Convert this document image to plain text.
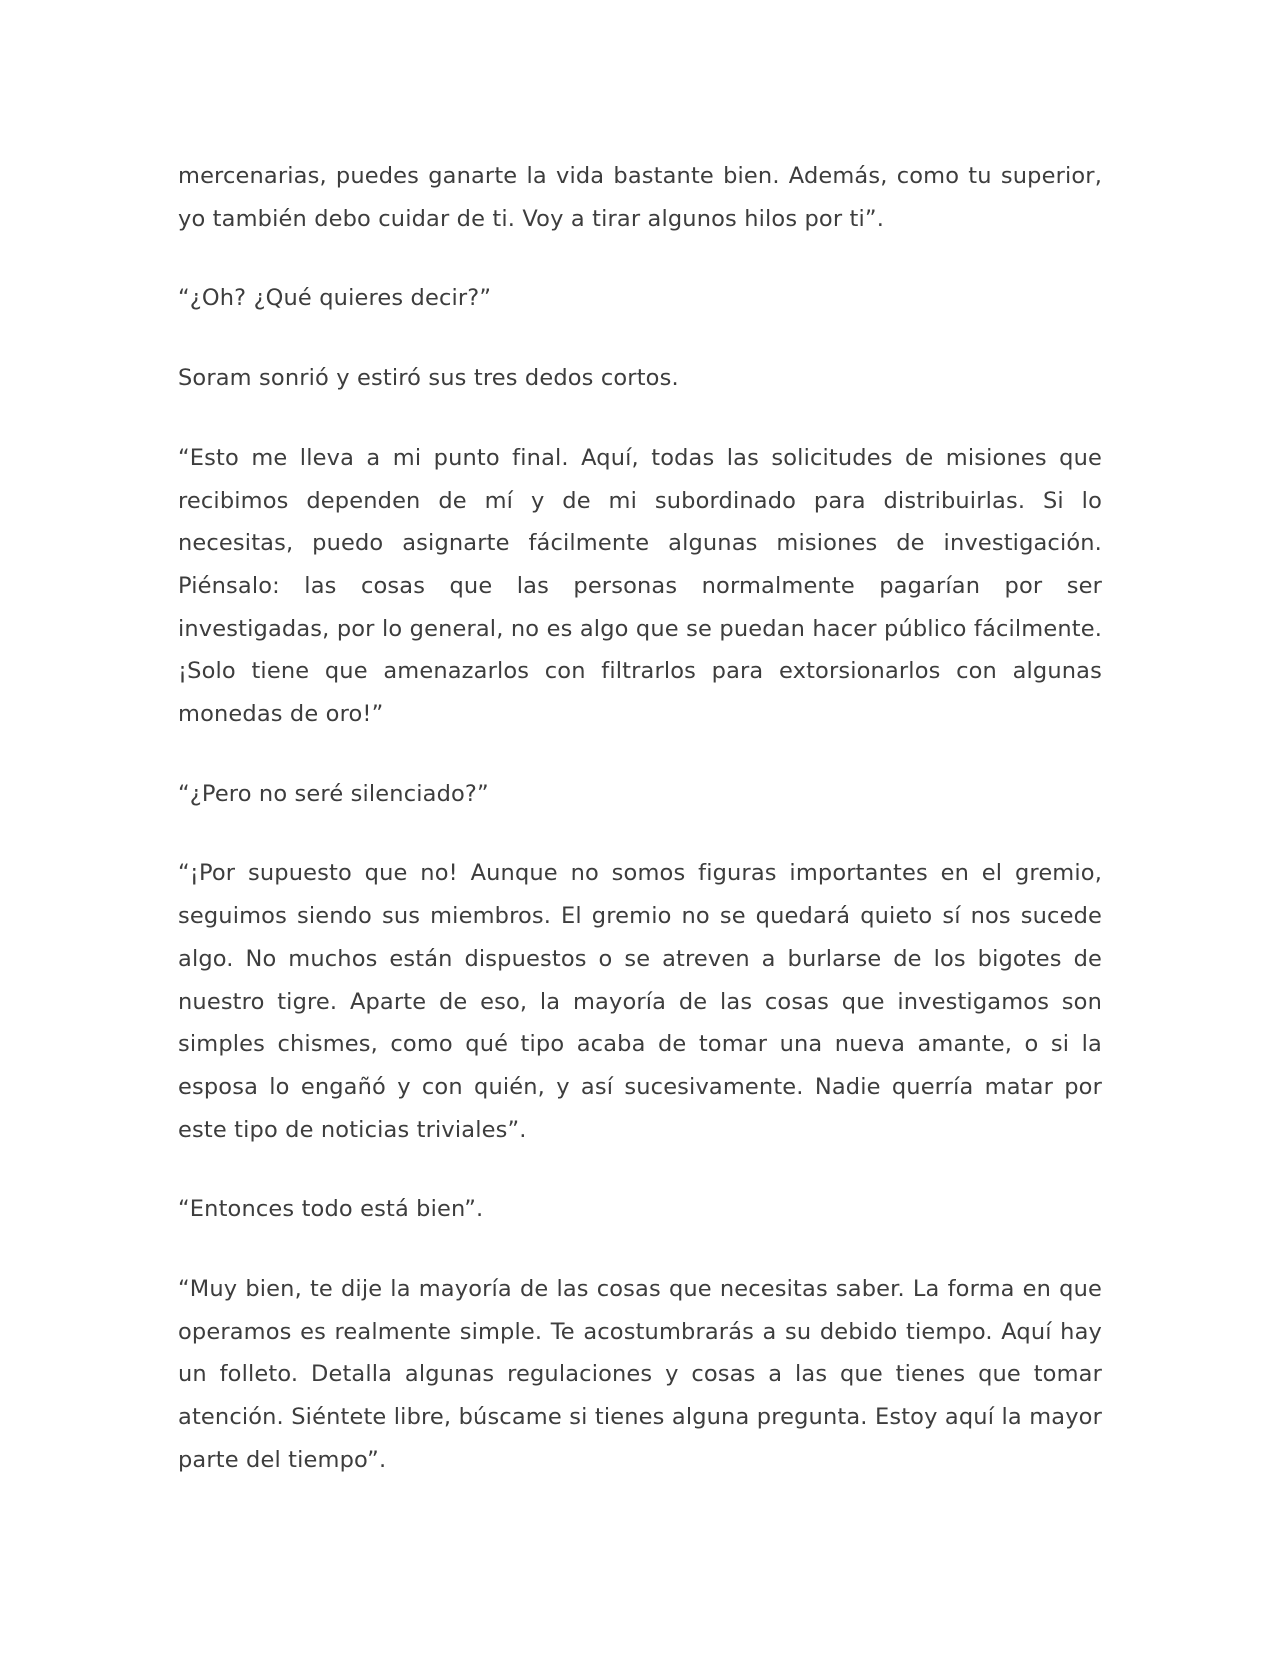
mercenarias, puedes ganarte la vida bastante bien. Además, como tu superior, yo también debo cuidar de ti. Voy a tirar algunos hilos por ti”.

“¿Oh? ¿Qué quieres decir?”

Soram sonrió y estiró sus tres dedos cortos.

“Esto me lleva a mi punto final. Aquí, todas las solicitudes de misiones que recibimos dependen de mí y de mi subordinado para distribuirlas. Si lo necesitas, puedo asignarte fácilmente algunas misiones de investigación. Piénsalo: las cosas que las personas normalmente pagarían por ser investigadas, por lo general, no es algo que se puedan hacer público fácilmente. ¡Solo tiene que amenazarlos con filtrarlos para extorsionarlos con algunas monedas de oro!”

“¿Pero no seré silenciado?”

“¡Por supuesto que no! Aunque no somos figuras importantes en el gremio, seguimos siendo sus miembros. El gremio no se quedará quieto sí nos sucede algo. No muchos están dispuestos o se atreven a burlarse de los bigotes de nuestro tigre. Aparte de eso, la mayoría de las cosas que investigamos son simples chismes, como qué tipo acaba de tomar una nueva amante, o si la esposa lo engañó y con quién, y así sucesivamente. Nadie querría matar por este tipo de noticias triviales”.

“Entonces todo está bien”.

“Muy bien, te dije la mayoría de las cosas que necesitas saber. La forma en que operamos es realmente simple. Te acostumbrarás a su debido tiempo. Aquí hay un folleto. Detalla algunas regulaciones y cosas a las que tienes que tomar atención. Siéntete libre, búscame si tienes alguna pregunta. Estoy aquí la mayor parte del tiempo”.
